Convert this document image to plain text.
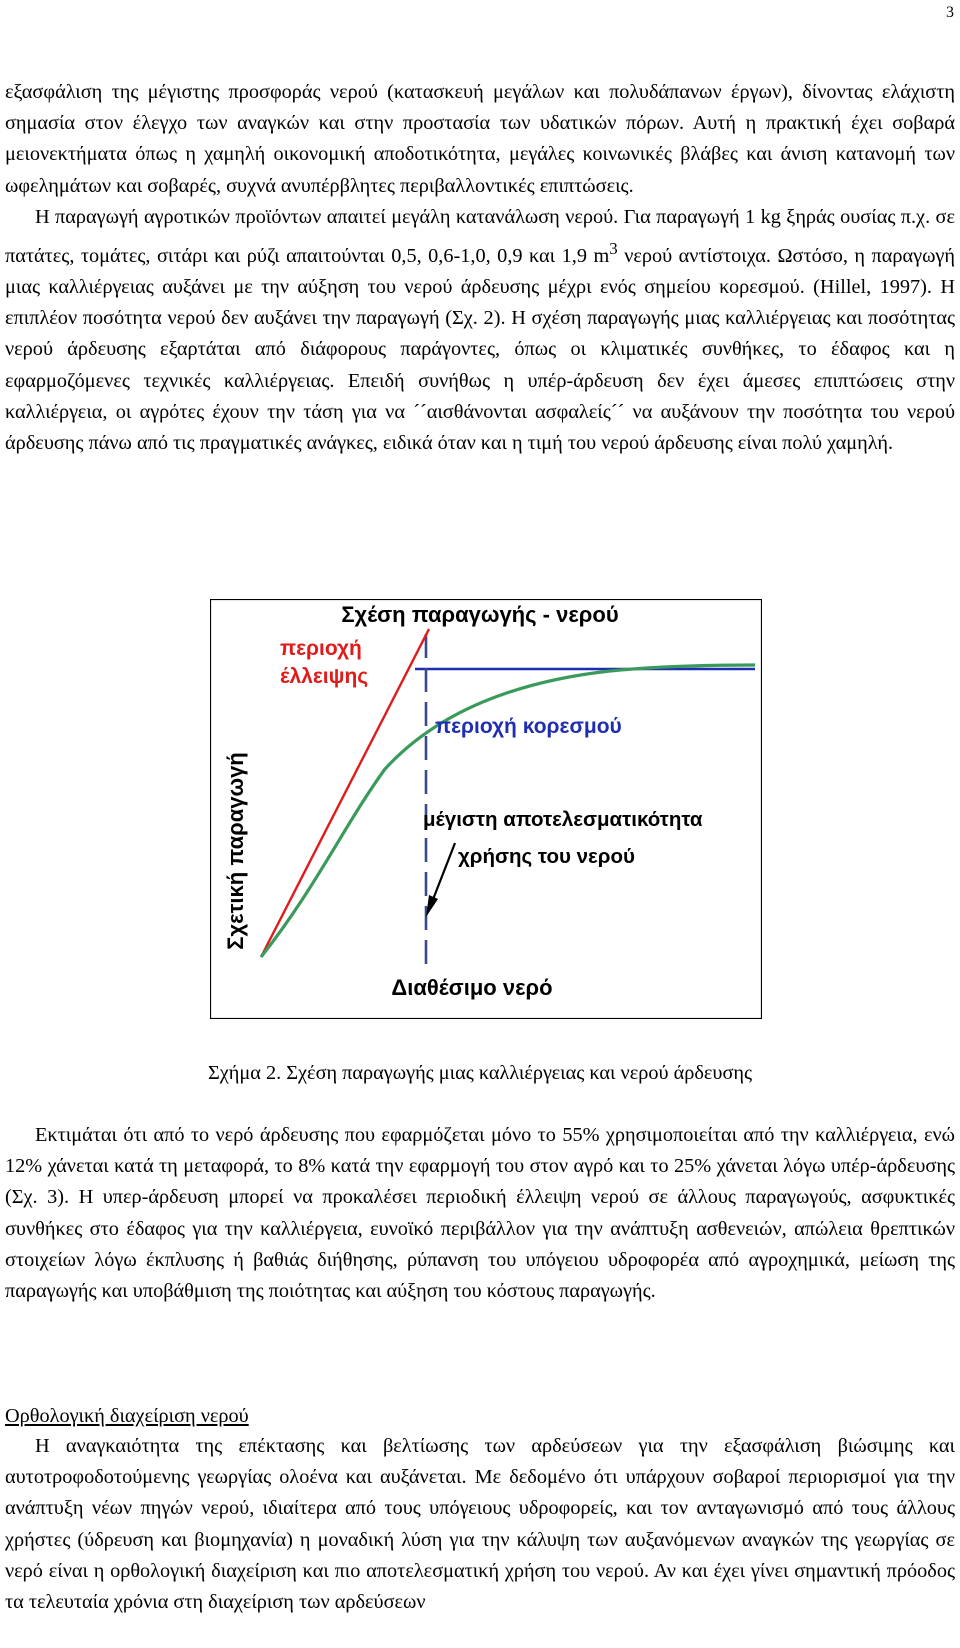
3

εξασφάλιση της μέγιστης προσφοράς νερού (κατασκευή μεγάλων και πολυδάπανων έργων), δίνοντας ελάχιστη σημασία στον έλεγχο των αναγκών και στην προστασία των υδατικών πόρων. Αυτή η πρακτική έχει σοβαρά μειονεκτήματα όπως η χαμηλή οικονομική αποδοτικότητα, μεγάλες κοινωνικές βλάβες και άνιση κατανομή των ωφελημάτων και σοβαρές, συχνά ανυπέρβλητες περιβαλλοντικές επιπτώσεις.

Η παραγωγή αγροτικών προϊόντων απαιτεί μεγάλη κατανάλωση νερού. Για παραγωγή 1 kg ξηράς ουσίας π.χ. σε πατάτες, τομάτες, σιτάρι και ρύζι απαιτούνται 0,5, 0,6-1,0, 0,9 και 1,9 $m^3$ νερού αντίστοιχα. Ωστόσο, η παραγωγή μιας καλλιέργειας αυξάνει με την αύξηση του νερού άρδευσης μέχρι ενός σημείου κορεσμού. (Hillel, 1997). Η επιπλέον ποσότητα νερού δεν αυξάνει την παραγωγή (Σχ. 2). Η σχέση παραγωγής μιας καλλιέργειας και ποσότητας νερού άρδευσης εξαρτάται από διάφορους παράγοντες, όπως οι κλιματικές συνθήκες, το έδαφος και η εφαρμοζόμενες τεχνικές καλλιέργειας. Επειδή συνήθως η υπέρ-άρδευση δεν έχει άμεσες επιπτώσεις στην καλλιέργεια, οι αγρότες έχουν την τάση για να ´´αισθάνονται ασφαλείς´´ να αυξάνουν την ποσότητα του νερού άρδευσης πάνω από τις πραγματικές ανάγκες, ειδικά όταν και η τιμή του νερού άρδευσης είναι πολύ χαμηλή.

Σχέση παραγωγής - νερού
Σχετική παραγωγή
Διαθέσιμο νερό
περιοχή
έλλειψης
περιοχή κορεσμού
μέγιστη αποτελεσματικότητα
χρήσης του νερού
Σχήμα 2. Σχέση παραγωγής μιας καλλιέργειας και νερού άρδευσης

Εκτιμάται ότι από το νερό άρδευσης που εφαρμόζεται μόνο το 55% χρησιμοποιείται από την καλλιέργεια, ενώ 12% χάνεται κατά τη μεταφορά, το 8% κατά την εφαρμογή του στον αγρό και το 25% χάνεται λόγω υπέρ-άρδευσης (Σχ. 3). Η υπερ-άρδευση μπορεί να προκαλέσει περιοδική έλλειψη νερού σε άλλους παραγωγούς, ασφυκτικές συνθήκες στο έδαφος για την καλλιέργεια, ευνοϊκό περιβάλλον για την ανάπτυξη ασθενειών, απώλεια θρεπτικών στοιχείων λόγω έκπλυσης ή βαθιάς διήθησης, ρύπανση του υπόγειου υδροφορέα από αγροχημικά, μείωση της παραγωγής και υποβάθμιση της ποιότητας και αύξηση του κόστους παραγωγής.

Ορθολογική διαχείριση νερού

Η αναγκαιότητα της επέκτασης και βελτίωσης των αρδεύσεων για την εξασφάλιση βιώσιμης και αυτοτροφοδοτούμενης γεωργίας ολοένα και αυξάνεται. Με δεδομένο ότι υπάρχουν σοβαροί περιορισμοί για την ανάπτυξη νέων πηγών νερού, ιδιαίτερα από τους υπόγειους υδροφορείς, και τον ανταγωνισμό από τους άλλους χρήστες (ύδρευση και βιομηχανία) η μοναδική λύση για την κάλυψη των αυξανόμενων αναγκών της γεωργίας σε νερό είναι η ορθολογική διαχείριση και πιο αποτελεσματική χρήση του νερού. Αν και έχει γίνει σημαντική πρόοδος τα τελευταία χρόνια στη διαχείριση των αρδεύσεων
